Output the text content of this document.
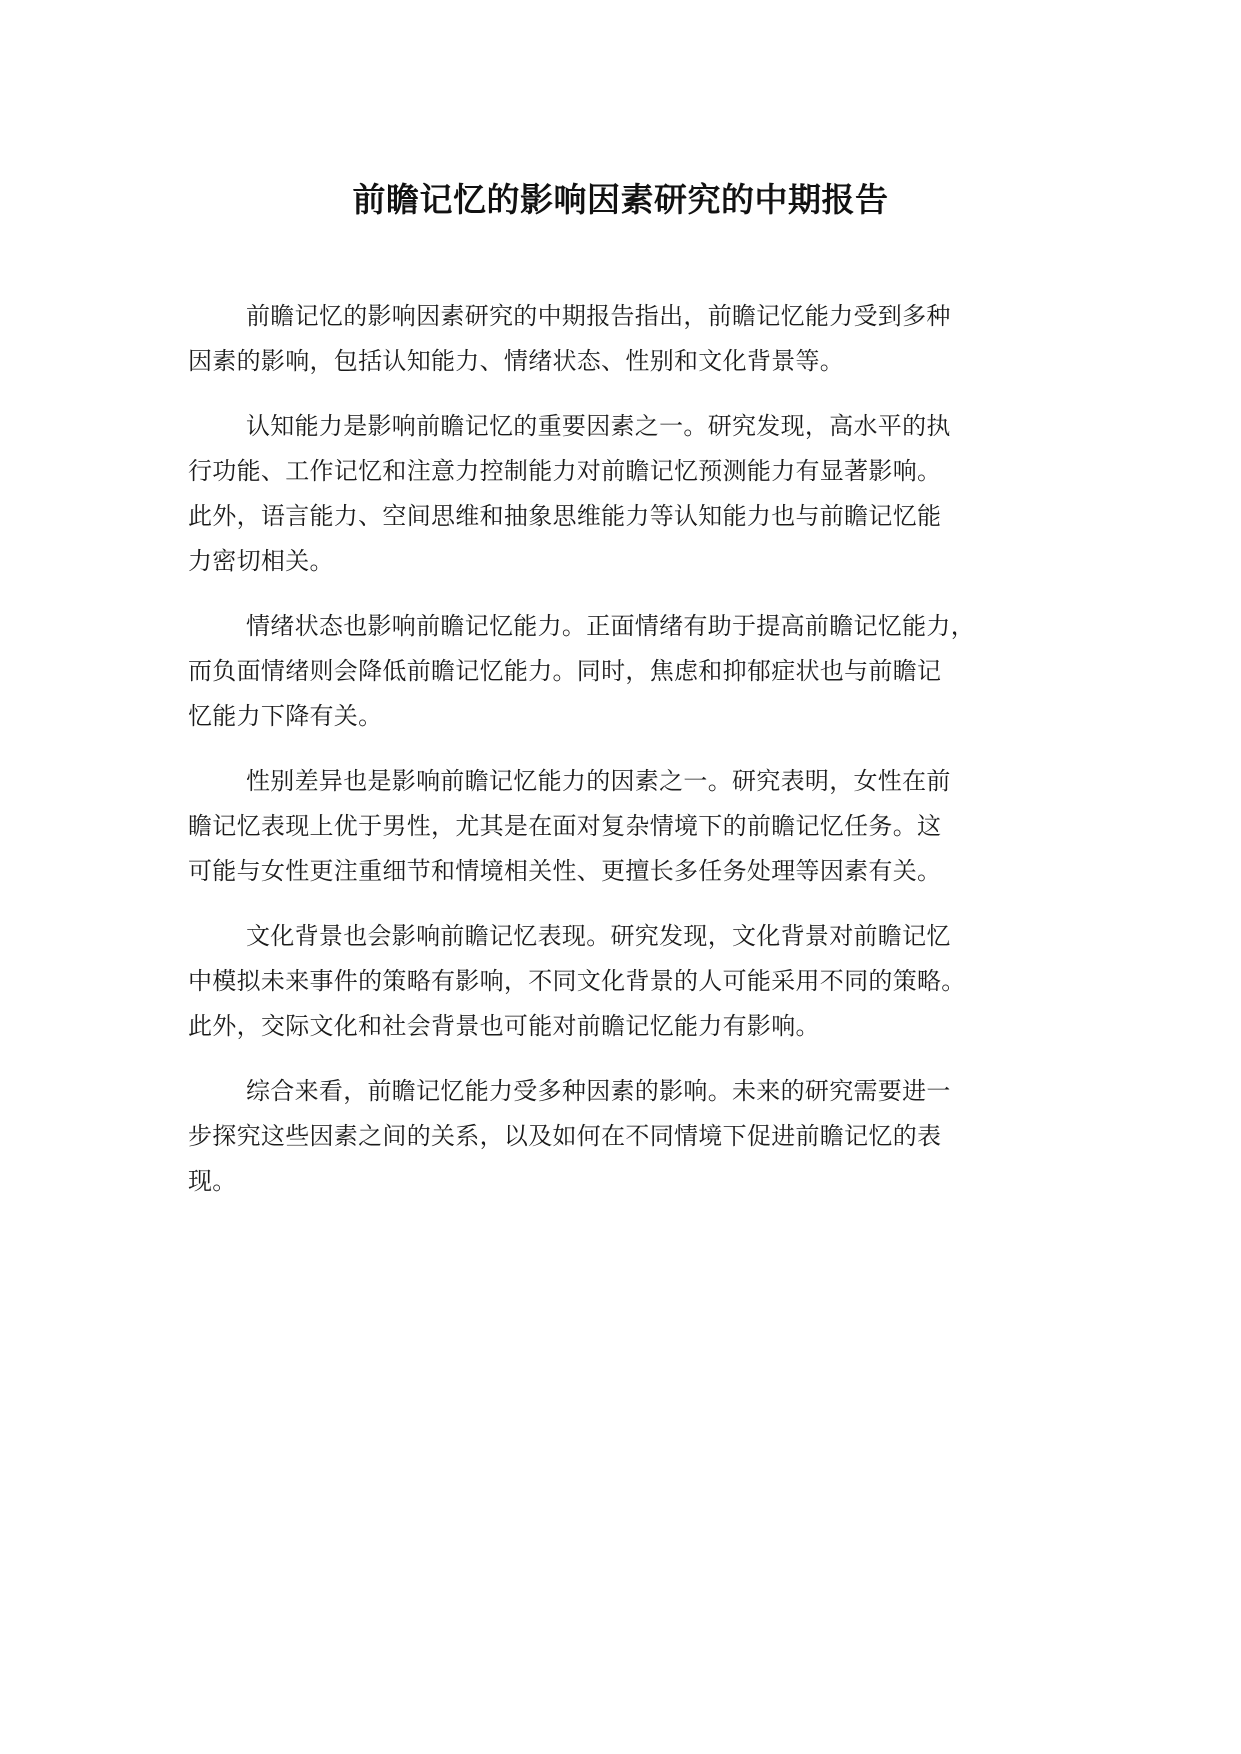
前瞻记忆的影响因素研究的中期报告

前瞻记忆的影响因素研究的中期报告指出，前瞻记忆能力受到多种
因素的影响，包括认知能力、情绪状态、性别和文化背景等。

认知能力是影响前瞻记忆的重要因素之一。研究发现，高水平的执
行功能、工作记忆和注意力控制能力对前瞻记忆预测能力有显著影响。
此外，语言能力、空间思维和抽象思维能力等认知能力也与前瞻记忆能
力密切相关。

情绪状态也影响前瞻记忆能力。正面情绪有助于提高前瞻记忆能力，
而负面情绪则会降低前瞻记忆能力。同时，焦虑和抑郁症状也与前瞻记
忆能力下降有关。

性别差异也是影响前瞻记忆能力的因素之一。研究表明，女性在前
瞻记忆表现上优于男性，尤其是在面对复杂情境下的前瞻记忆任务。这
可能与女性更注重细节和情境相关性、更擅长多任务处理等因素有关。

文化背景也会影响前瞻记忆表现。研究发现，文化背景对前瞻记忆
中模拟未来事件的策略有影响，不同文化背景的人可能采用不同的策略。
此外，交际文化和社会背景也可能对前瞻记忆能力有影响。

综合来看，前瞻记忆能力受多种因素的影响。未来的研究需要进一
步探究这些因素之间的关系，以及如何在不同情境下促进前瞻记忆的表
现。
